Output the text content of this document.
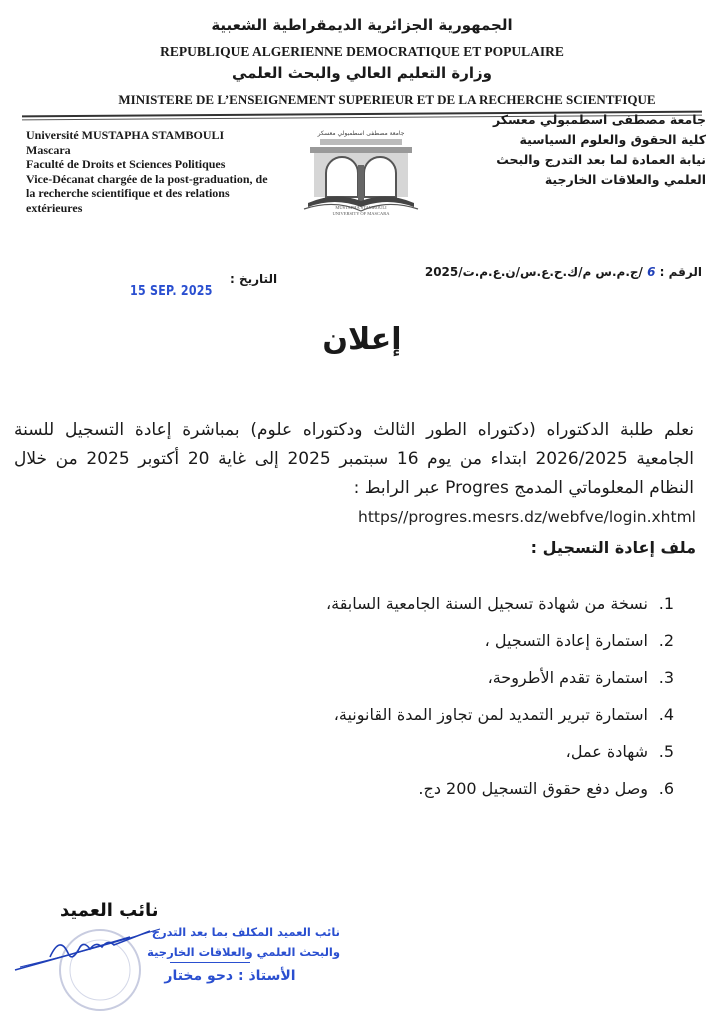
الجمهورية الجزائرية الديمقراطية الشعبية
REPUBLIQUE ALGERIENNE DEMOCRATIQUE ET POPULAIRE
وزارة التعليم العالي والبحث العلمي
MINISTERE DE L’ENSEIGNEMENT SUPERIEUR ET DE LA RECHERCHE SCIENTFIQUE
Université MUSTAPHA STAMBOULI
Mascara
Faculté de Droits et Sciences Politiques
Vice-Décanat chargée de la post-graduation, de
la recherche scientifique et des relations
extérieures
جامعة مصطفى اسطمبولي معسكر
كلية الحقوق والعلوم السياسية
نيابة العمادة لما بعد التدرج والبحث
العلمي والعلاقات الخارجية
جامعة مصطفى اسطمبولي معسكر
MUSTAPHA STAMBOULI
UNIVERSITY OF MASCARA
الرقم : 6 /ج.م.س م/ك.ح.ع.س/ن.ع.م.ت/2025
التاريخ :
15 SEP. 2025
إعلان
نعلم طلبة الدكتوراه (دكتوراه الطور الثالث ودكتوراه علوم) بمباشرة إعادة التسجيل للسنة الجامعية 2026/2025 ابتداء من يوم 16 سبتمبر 2025 إلى غاية 20 أكتوبر 2025 من خلال النظام المعلوماتي المدمج Progres عبر الرابط :
https//progres.mesrs.dz/webfve/login.xhtml
ملف إعادة التسجيل :
1.نسخة من شهادة تسجيل السنة الجامعية السابقة،
2.استمارة إعادة التسجيل ،
3.استمارة تقدم الأطروحة،
4.استمارة تبرير التمديد لمن تجاوز المدة القانونية،
5.شهادة عمل،
6.وصل دفع حقوق التسجيل 200 دج.
نائب العميد
نائب العميد المكلف بما بعد التدرج
والبحث العلمي والعلاقات الخارجية
الأستاذ : دحو مختار
